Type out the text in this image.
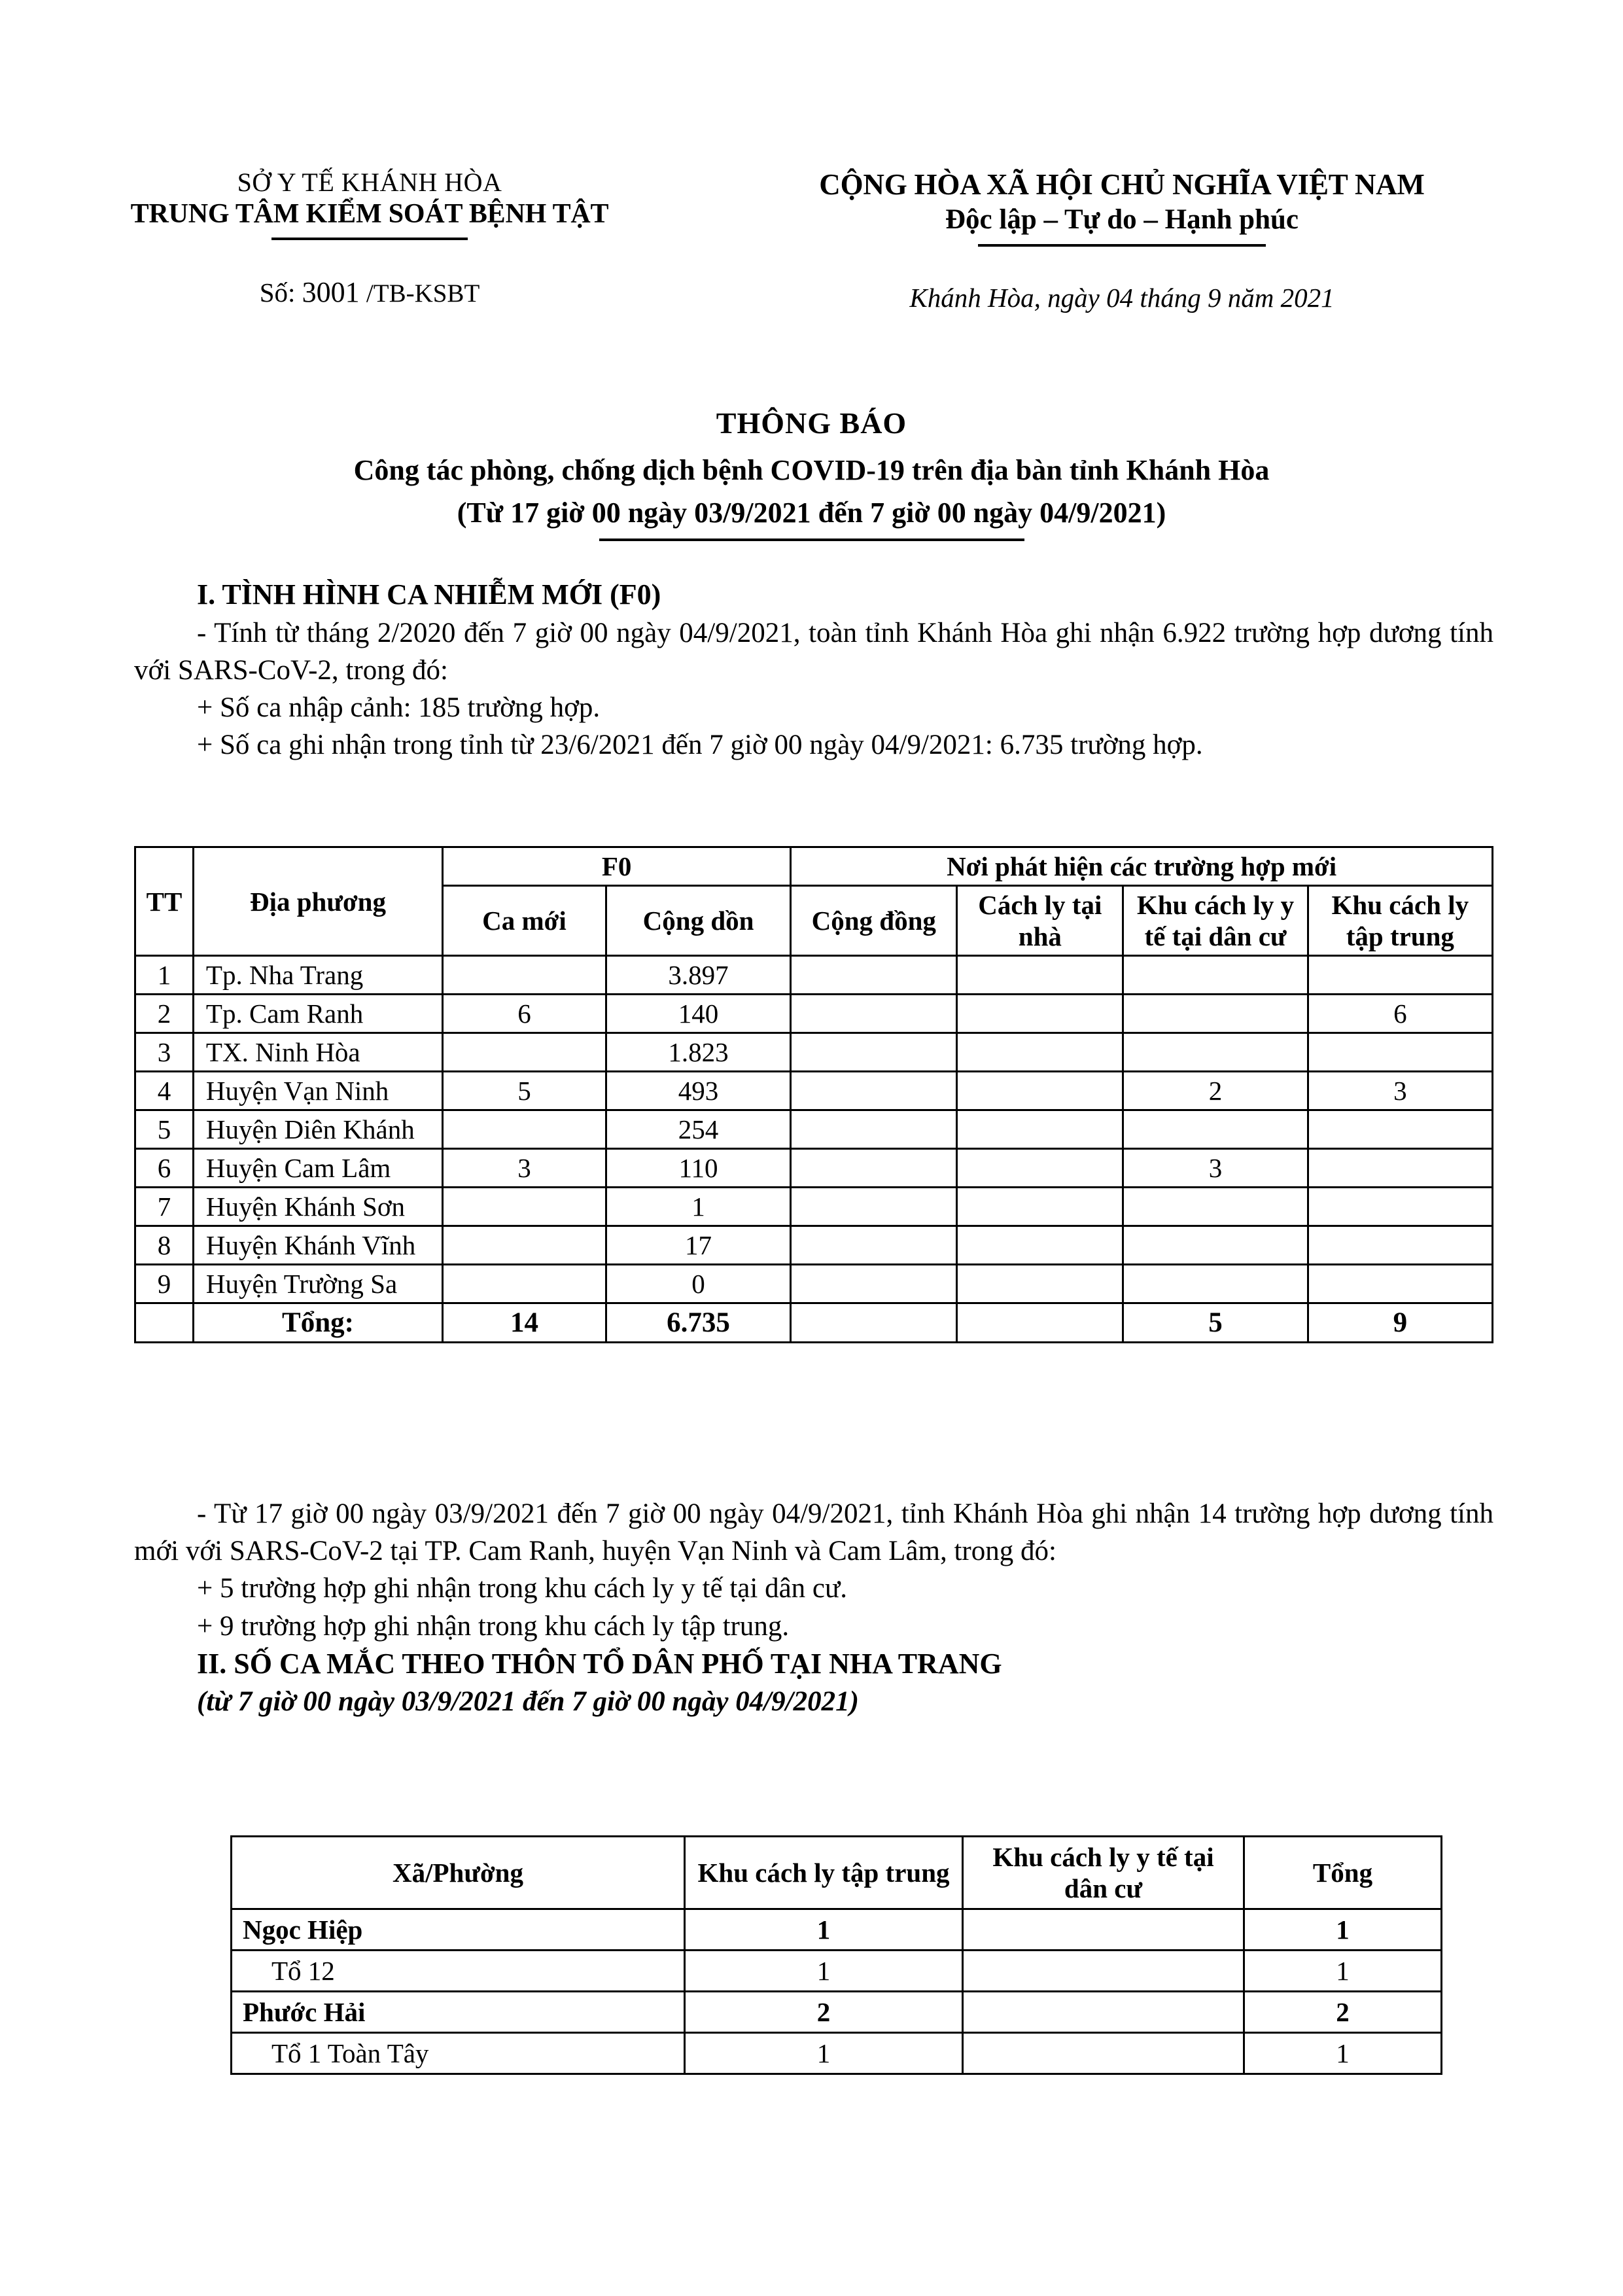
SỞ Y TẾ KHÁNH HÒA
TRUNG TÂM KIỂM SOÁT BỆNH TẬT
Số: 3001 /TB-KSBT
CỘNG HÒA XÃ HỘI CHỦ NGHĨA VIỆT NAM
Độc lập – Tự do – Hạnh phúc
Khánh Hòa, ngày 04 tháng 9 năm 2021
THÔNG BÁO
Công tác phòng, chống dịch bệnh COVID-19 trên địa bàn tỉnh Khánh Hòa
(Từ 17 giờ 00 ngày 03/9/2021 đến 7 giờ 00 ngày 04/9/2021)
I. TÌNH HÌNH CA NHIỄM MỚI (F0)
- Tính từ tháng 2/2020 đến 7 giờ 00 ngày 04/9/2021, toàn tỉnh Khánh Hòa ghi nhận 6.922 trường hợp dương tính với SARS-CoV-2, trong đó:
+ Số ca nhập cảnh: 185 trường hợp.
+ Số ca ghi nhận trong tỉnh từ 23/6/2021 đến 7 giờ 00 ngày 04/9/2021: 6.735 trường hợp.
TT	Địa phương	F0		Nơi phát hiện các trường hợp mới			
		Ca mới	Cộng dồn	Cộng đồng	Cách ly tại nhà	Khu cách ly y tế tại dân cư	Khu cách ly tập trung
1	Tp. Nha Trang		3.897				
2	Tp. Cam Ranh	6	140				6
3	TX. Ninh Hòa		1.823				
4	Huyện Vạn Ninh	5	493			2	3
5	Huyện Diên Khánh		254				
6	Huyện Cam Lâm	3	110			3	
7	Huyện Khánh Sơn		1				
8	Huyện Khánh Vĩnh		17				
9	Huyện Trường Sa		0				
	Tổng:	14	6.735			5	9
- Từ 17 giờ 00 ngày 03/9/2021 đến 7 giờ 00 ngày 04/9/2021, tỉnh Khánh Hòa ghi nhận 14 trường hợp dương tính mới với SARS-CoV-2 tại TP. Cam Ranh, huyện Vạn Ninh và Cam Lâm, trong đó:
+ 5 trường hợp ghi nhận trong khu cách ly y tế tại dân cư.
+ 9 trường hợp ghi nhận trong khu cách ly tập trung.
II. SỐ CA MẮC THEO THÔN TỔ DÂN PHỐ TẠI NHA TRANG
(từ 7 giờ 00 ngày 03/9/2021 đến 7 giờ 00 ngày 04/9/2021)
Xã/Phường	Khu cách ly tập trung	Khu cách ly y tế tại dân cư	Tổng
Ngọc Hiệp	1		1
Tổ 12	1		1
Phước Hải	2		2
Tổ 1 Toàn Tây	1		1
